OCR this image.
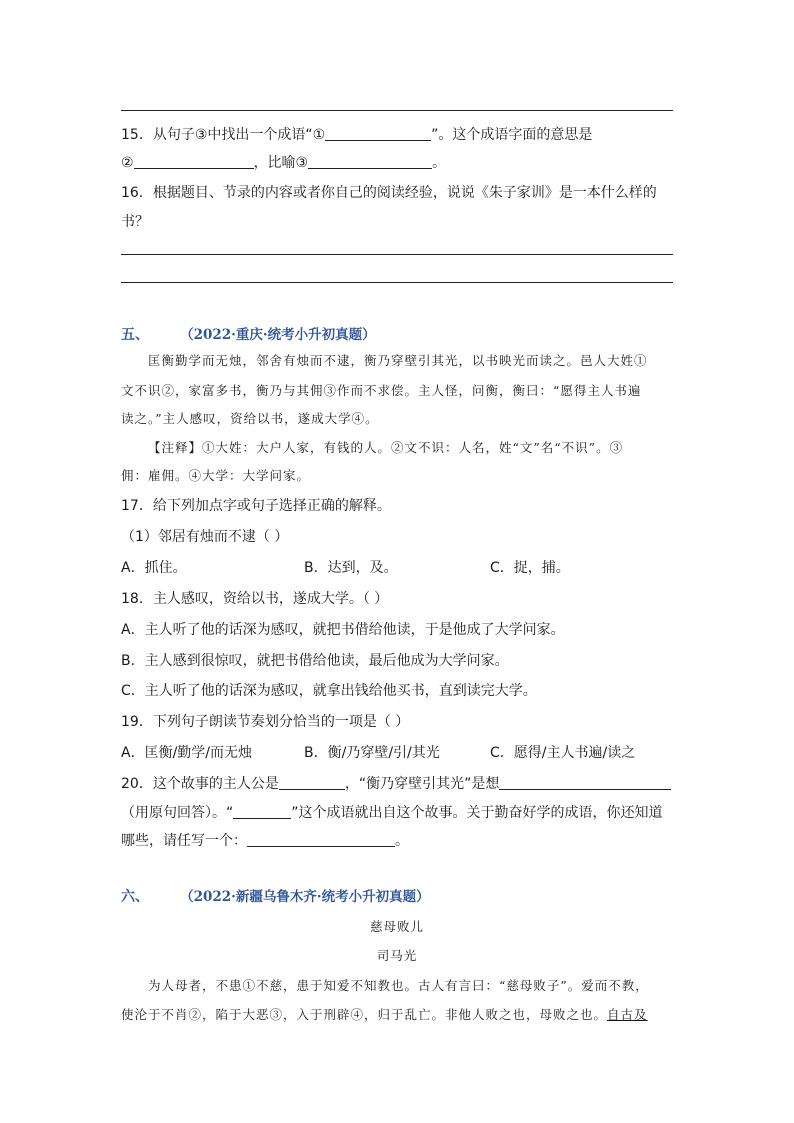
15．从句子③中找出一个成语“①	”。这个成语字面的意思是
②	，比喻③	。
16．根据题目、节录的内容或者你自己的阅读经验，说说《朱子家训》是一本什么样的
书？
五、 （2022·重庆·统考小升初真题）
匡衡勤学而无烛，邻舍有烛而不逮，衡乃穿壁引其光，以书映光而读之。邑人大姓①
文不识②，家富多书，衡乃与其佣③作而不求偿。主人怪，问衡，衡曰：“愿得主人书遍
读之。”主人感叹，资给以书，遂成大学④。
【注释】①大姓：大户人家，有钱的人。②文不识：人名，姓“文”名“不识”。③
佣：雇佣。④大学：大学问家。
17．给下列加点字或句子选择正确的解释。
（1）邻居有烛而不逮（ ）
A．抓住。	B．达到，及。	C．捉，捕。
18．主人感叹，资给以书，遂成大学。（ ）
A．主人听了他的话深为感叹，就把书借给他读，于是他成了大学问家。
B．主人感到很惊叹，就把书借给他读，最后他成为大学问家。
C．主人听了他的话深为感叹，就拿出钱给他买书，直到读完大学。
19．下列句子朗读节奏划分恰当的一项是（ ）
A．匡衡/勤学/而无烛	B．衡/乃穿壁/引/其光	C．愿得/主人书遍/读之
20．这个故事的主人公是	，“衡乃穿壁引其光”是想
（用原句回答）。“	”这个成语就出自这个故事。关于勤奋好学的成语，你还知道
哪些，请任写一个：	。
六、 （2022·新疆乌鲁木齐·统考小升初真题）
慈母败儿
司马光
为人母者，不患①不慈，患于知爱不知教也。古人有言曰：“慈母败子”。爱而不教，
使沦于不肖②，陷于大恶③，入于刑辟④，归于乱亡。非他人败之也，母败之也。自古及
